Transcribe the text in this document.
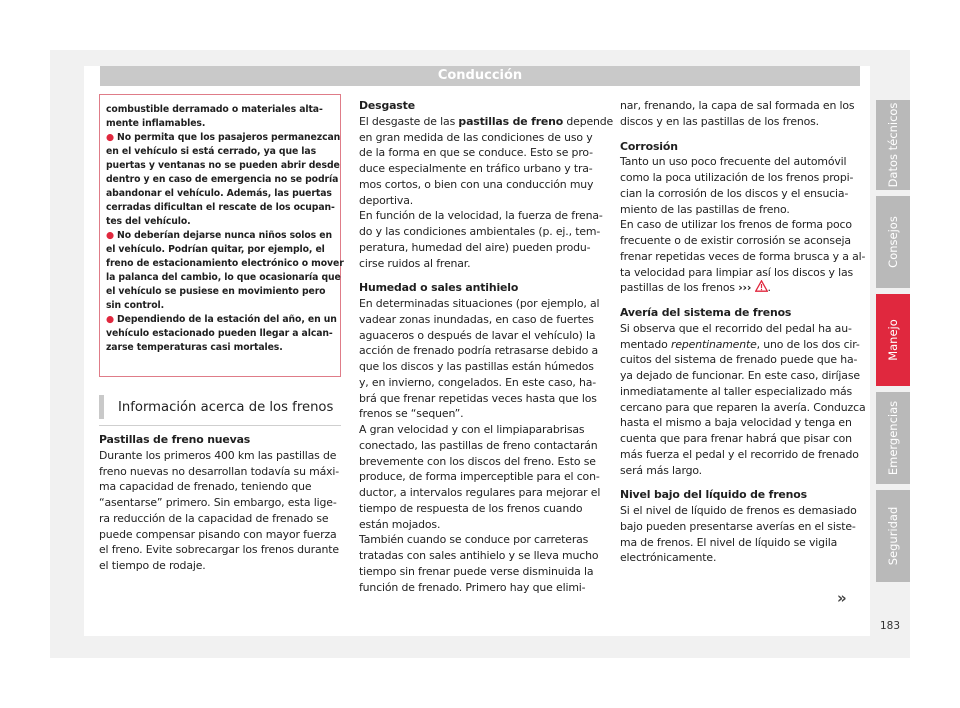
Conducción

combustible derramado o materiales alta-

mente inflamables.

● No permita que los pasajeros permanezcan

en el vehículo si está cerrado, ya que las

puertas y ventanas no se pueden abrir desde

dentro y en caso de emergencia no se podría

abandonar el vehículo. Además, las puertas

cerradas dificultan el rescate de los ocupan-

tes del vehículo.

● No deberían dejarse nunca niños solos en

el vehículo. Podrían quitar, por ejemplo, el

freno de estacionamiento electrónico o mover

la palanca del cambio, lo que ocasionaría que

el vehículo se pusiese en movimiento pero

sin control.

● Dependiendo de la estación del año, en un

vehículo estacionado pueden llegar a alcan-

zarse temperaturas casi mortales.

Información acerca de los frenos
Pastillas de freno nuevas
Durante los primeros 400 km las pastillas de
freno nuevas no desarrollan todavía su máxi-
ma capacidad de frenado, teniendo que
“asentarse” primero. Sin embargo, esta lige-
ra reducción de la capacidad de frenado se
puede compensar pisando con mayor fuerza
el freno. Evite sobrecargar los frenos durante
el tiempo de rodaje.
Desgaste
El desgaste de las pastillas de freno depende
en gran medida de las condiciones de uso y
de la forma en que se conduce. Esto se pro-
duce especialmente en tráfico urbano y tra-
mos cortos, o bien con una conducción muy
deportiva.
En función de la velocidad, la fuerza de frena-
do y las condiciones ambientales (p. ej., tem-
peratura, humedad del aire) pueden produ-
cirse ruidos al frenar.
Humedad o sales antihielo
En determinadas situaciones (por ejemplo, al
vadear zonas inundadas, en caso de fuertes
aguaceros o después de lavar el vehículo) la
acción de frenado podría retrasarse debido a
que los discos y las pastillas están húmedos
y, en invierno, congelados. En este caso, ha-
brá que frenar repetidas veces hasta que los
frenos se “sequen”.
A gran velocidad y con el limpiaparabrisas
conectado, las pastillas de freno contactarán
brevemente con los discos del freno. Esto se
produce, de forma imperceptible para el con-
ductor, a intervalos regulares para mejorar el
tiempo de respuesta de los frenos cuando
están mojados.
También cuando se conduce por carreteras
tratadas con sales antihielo y se lleva mucho
tiempo sin frenar puede verse disminuida la
función de frenado. Primero hay que elimi-
nar, frenando, la capa de sal formada en los
discos y en las pastillas de los frenos.
Corrosión
Tanto un uso poco frecuente del automóvil
como la poca utilización de los frenos propi-
cian la corrosión de los discos y el ensucia-
miento de las pastillas de freno.
En caso de utilizar los frenos de forma poco
frecuente o de existir corrosión se aconseja
frenar repetidas veces de forma brusca y a al-
ta velocidad para limpiar así los discos y las
pastillas de los frenos ››› .
Avería del sistema de frenos
Si observa que el recorrido del pedal ha au-
mentado repentinamente, uno de los dos cir-
cuitos del sistema de frenado puede que ha-
ya dejado de funcionar. En este caso, diríjase
inmediatamente al taller especializado más
cercano para que reparen la avería. Conduzca
hasta el mismo a baja velocidad y tenga en
cuenta que para frenar habrá que pisar con
más fuerza el pedal y el recorrido de frenado
será más largo.
Nivel bajo del líquido de frenos
Si el nivel de líquido de frenos es demasiado
bajo pueden presentarse averías en el siste-
ma de frenos. El nivel de líquido se vigila
electrónicamente.
»
183
Datos técnicos
Consejos
Manejo
Emergencias
Seguridad
